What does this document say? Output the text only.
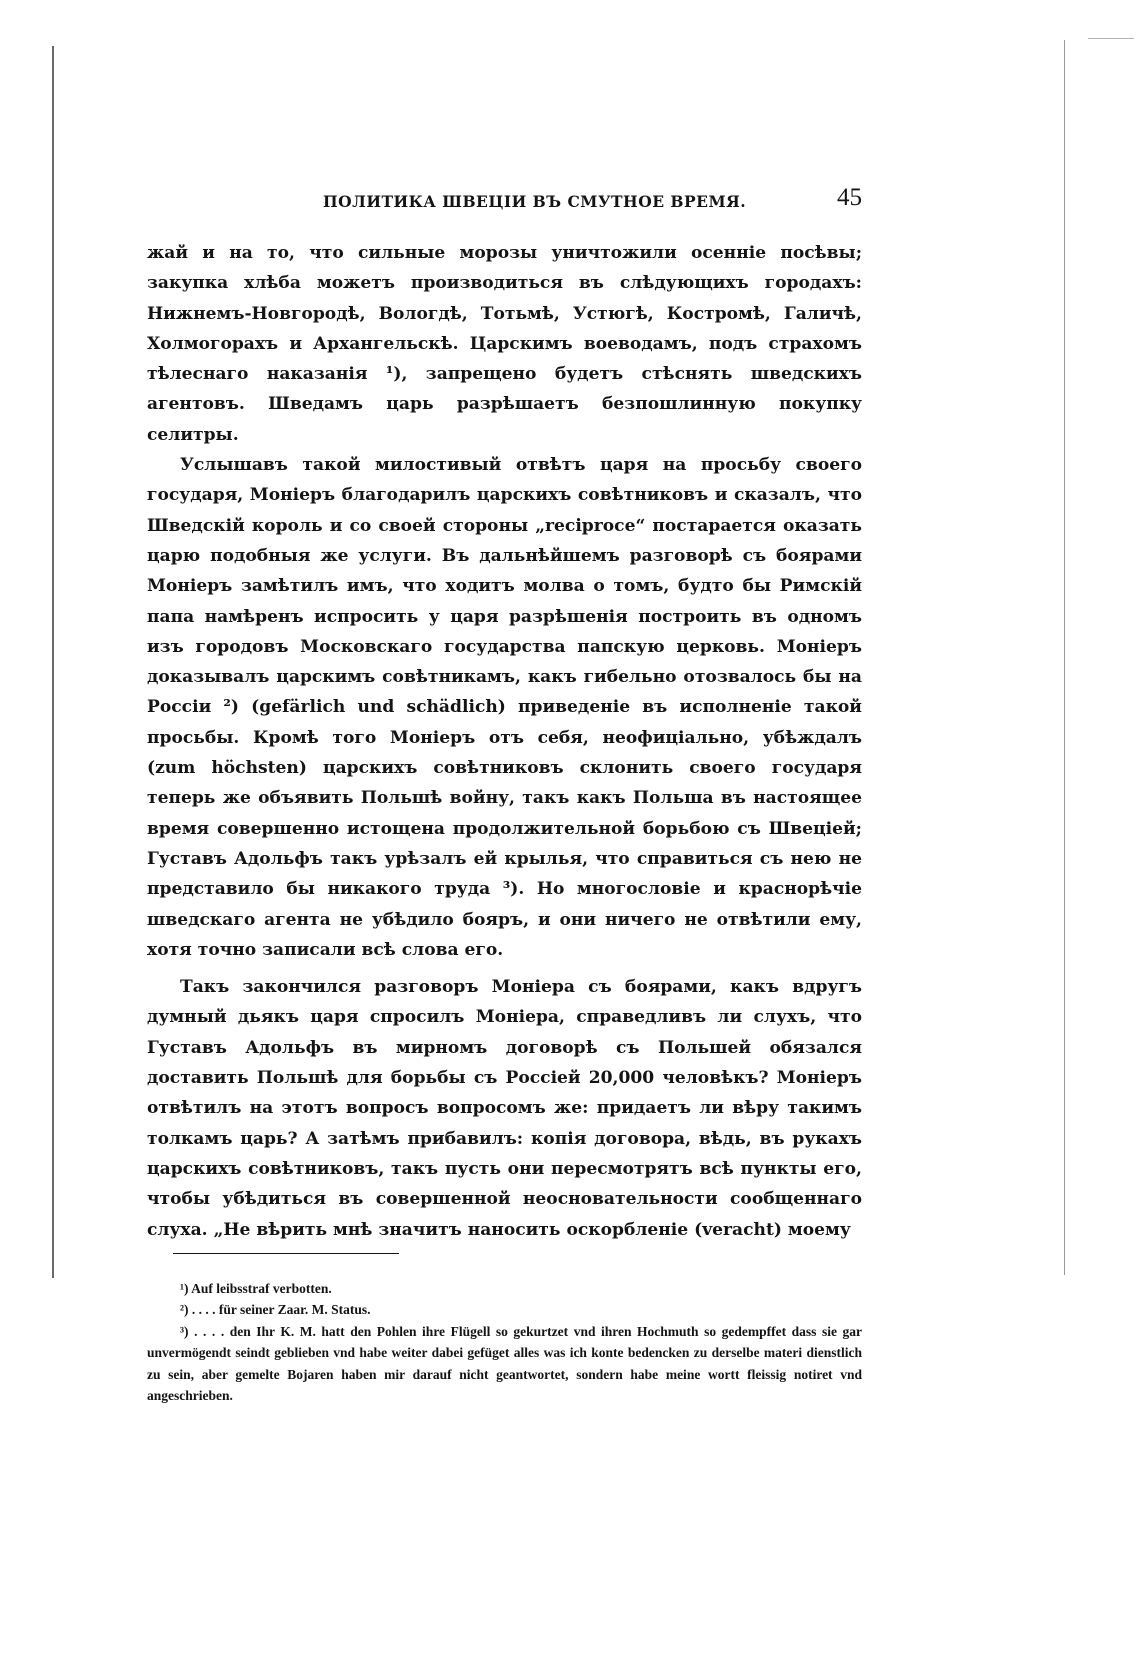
ПОЛИТИКА ШВЕЦІИ ВЪ СМУТНОЕ ВРЕМЯ.	45

жай и на то, что сильные морозы уничтожили осенніе посѣвы; закупка хлѣба можетъ производиться въ слѣдующихъ городахъ: Нижнемъ-Новгородѣ, Вологдѣ, Тотьмѣ, Устюгѣ, Костромѣ, Галичѣ, Холмогорахъ и Архангельскѣ. Царскимъ воеводамъ, подъ страхомъ тѣлеснаго наказанія ¹), запрещено будетъ стѣснять шведскихъ агентовъ. Шведамъ царь разрѣшаетъ безпошлинную покупку селитры.

Услышавъ такой милостивый отвѣтъ царя на просьбу своего государя, Моніеръ благодарилъ царскихъ совѣтниковъ и сказалъ, что Шведскій король и со своей стороны „reciproce“ постарается оказать царю подобныя же услуги. Въ дальнѣйшемъ разговорѣ съ боярами Моніеръ замѣтилъ имъ, что ходитъ молва о томъ, будто бы Римскій папа намѣренъ испросить у царя разрѣшенія построить въ одномъ изъ городовъ Московскаго государства папскую церковь. Моніеръ доказывалъ царскимъ совѣтникамъ, какъ гибельно отозвалось бы на Россіи ²) (gefärlich und schädlich) приведеніе въ исполненіе такой просьбы. Кромѣ того Моніеръ отъ себя, неофиціально, убѣждалъ (zum höchsten) царскихъ совѣтниковъ склонить своего государя теперь же объявить Польшѣ войну, такъ какъ Польша въ настоящее время совершенно истощена продолжительной борьбою съ Швеціей; Густавъ Адольфъ такъ урѣзалъ ей крылья, что справиться съ нею не представило бы никакого труда ³). Но многословіе и краснорѣчіе шведскаго агента не убѣдило бояръ, и они ничего не отвѣтили ему, хотя точно записали всѣ слова его.

Такъ закончился разговоръ Моніера съ боярами, какъ вдругъ думный дьякъ царя спросилъ Моніера, справедливъ ли слухъ, что Густавъ Адольфъ въ мирномъ договорѣ съ Польшей обязался доставить Польшѣ для борьбы съ Россіей 20,000 человѣкъ? Моніеръ отвѣтилъ на этотъ вопросъ вопросомъ же: придаетъ ли вѣру такимъ толкамъ царь? А затѣмъ прибавилъ: копія договора, вѣдь, въ рукахъ царскихъ совѣтниковъ, такъ пусть они пересмотрятъ всѣ пункты его, чтобы убѣдиться въ совершенной неосновательности сообщеннаго слуха. „Не вѣрить мнѣ значитъ наносить оскорбленіе (veracht) моему

¹) Auf leibsstraf verbotten.

²) . . . . für seiner Zaar. M. Status.

³) . . . . den Ihr K. M. hatt den Pohlen ihre Flügell so gekurtzet vnd ihren Hochmuth so gedempffet dass sie gar unvermögendt seindt geblieben vnd habe weiter dabei gefüget alles was ich konte bedencken zu derselbe materi dienstlich zu sein, aber gemelte Bojaren haben mir darauf nicht geantwortet, sondern habe meine wortt fleissig notiret vnd angeschrieben.
